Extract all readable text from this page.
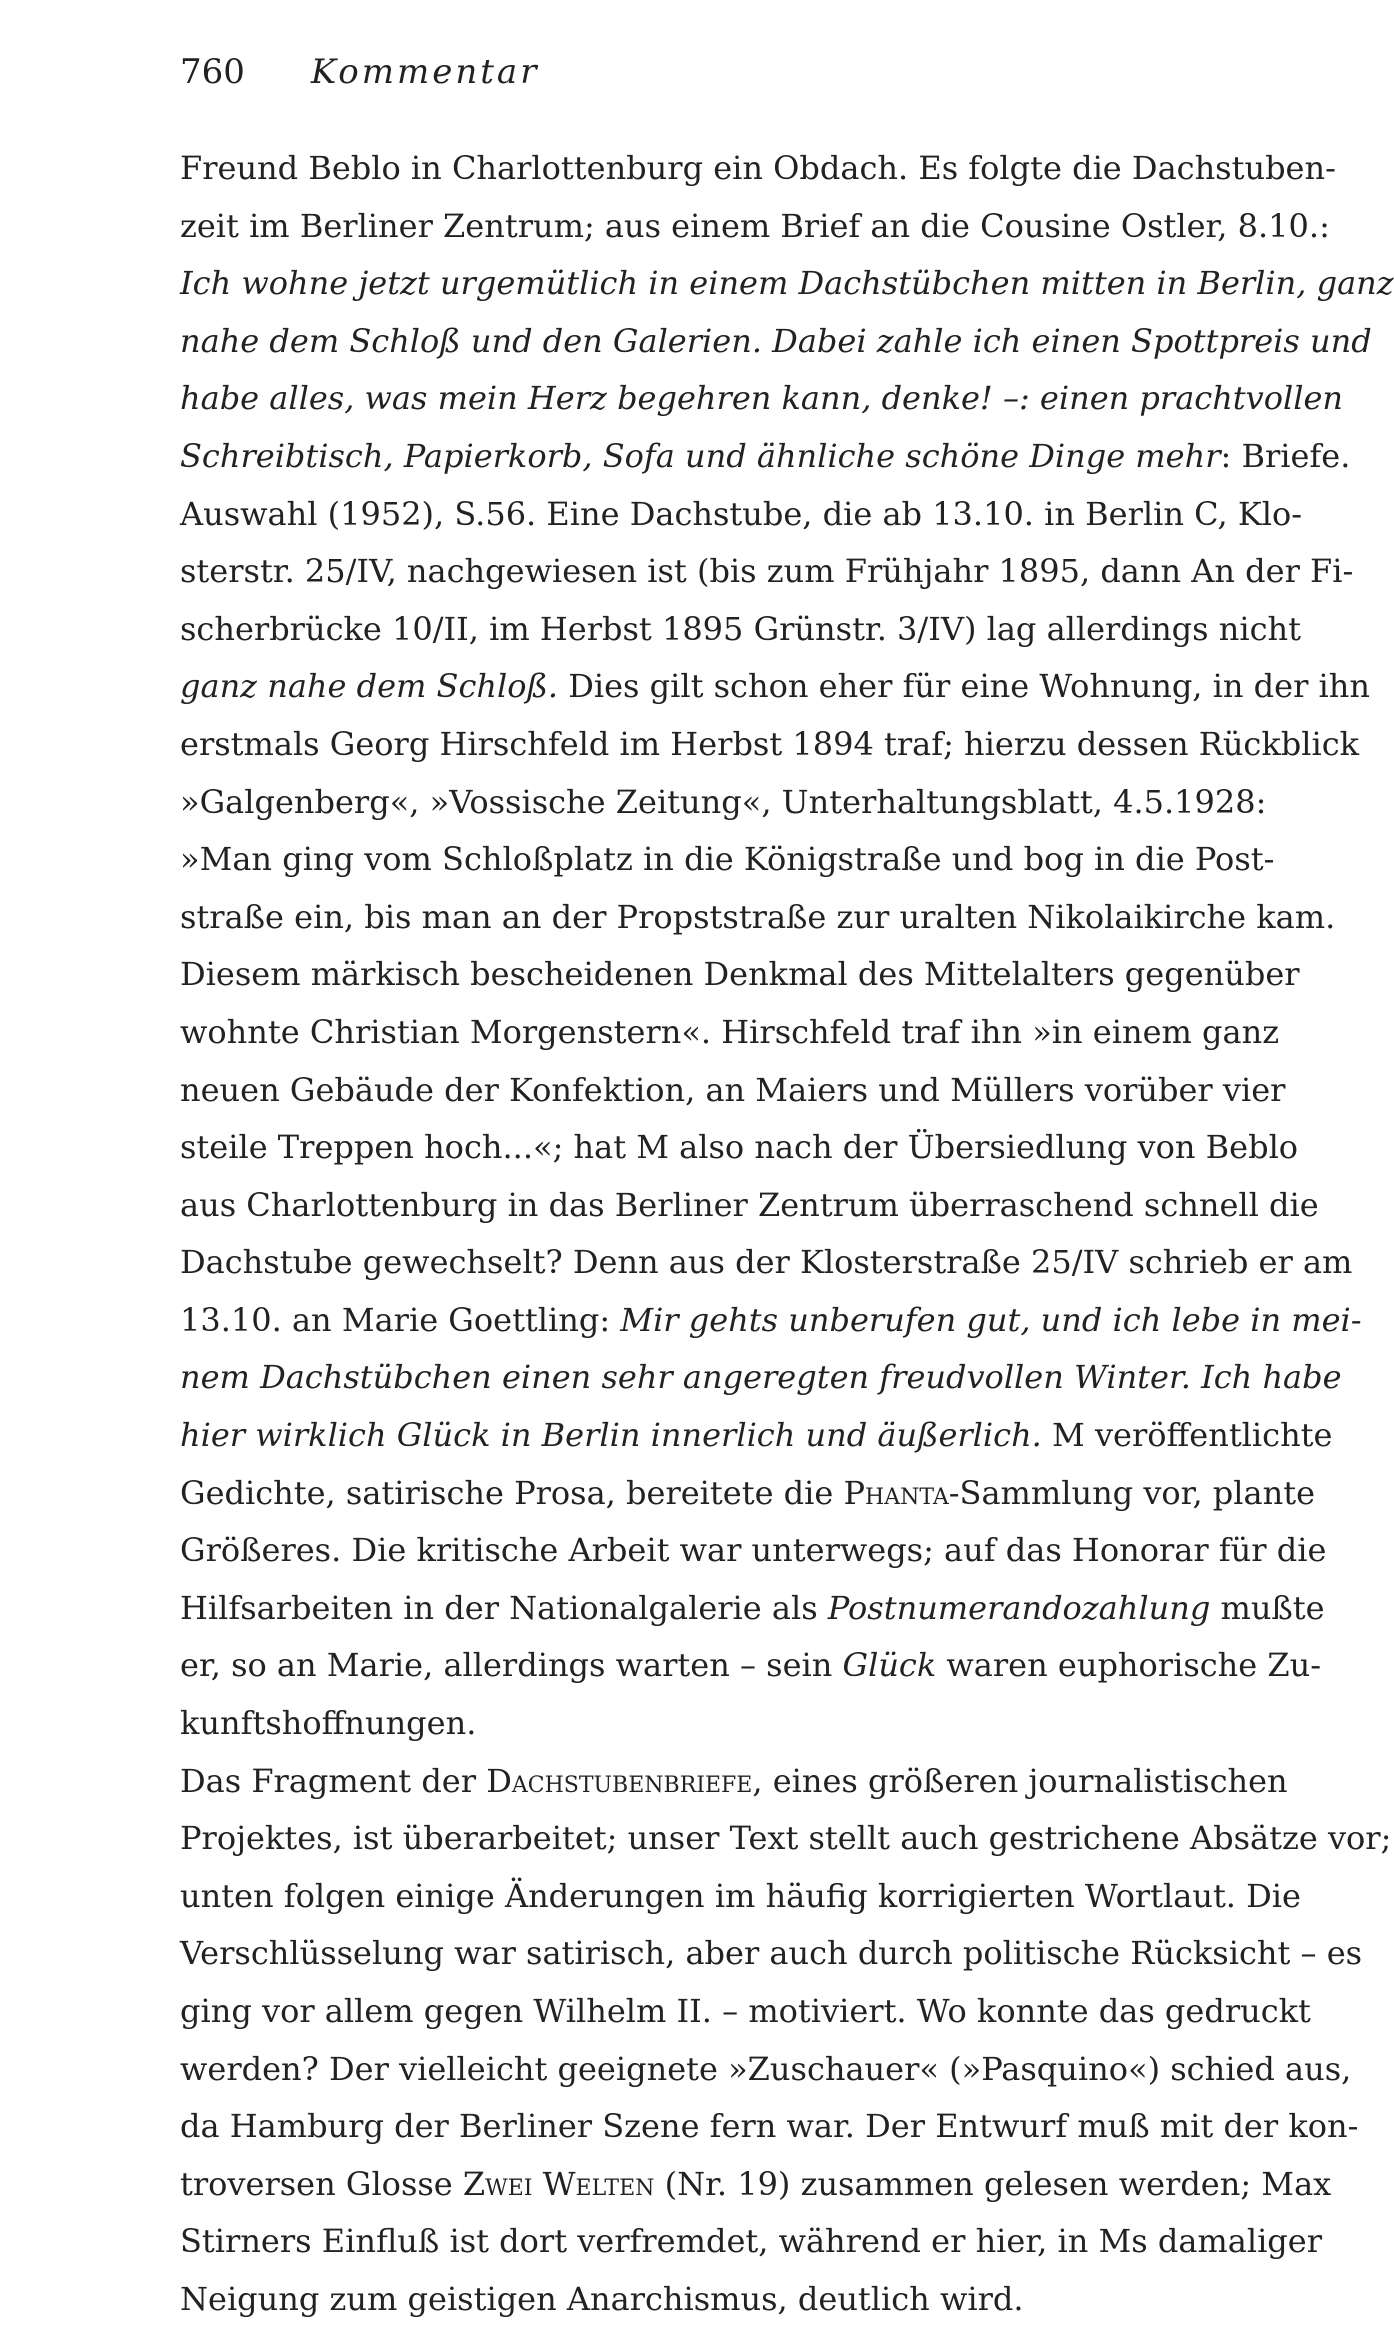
760 Kommentar
Freund Beblo in Charlottenburg ein Obdach. Es folgte die Dachstuben-
zeit im Berliner Zentrum; aus einem Brief an die Cousine Ostler, 8.10.:
Ich wohne jetzt urgemütlich in einem Dachstübchen mitten in Berlin, ganz
nahe dem Schloß und den Galerien. Dabei zahle ich einen Spottpreis und
habe alles, was mein Herz begehren kann, denke! –: einen prachtvollen
Schreibtisch, Papierkorb, Sofa und ähnliche schöne Dinge mehr: Briefe.
Auswahl (1952), S.56. Eine Dachstube, die ab 13.10. in Berlin C, Klo-
sterstr. 25/IV, nachgewiesen ist (bis zum Frühjahr 1895, dann An der Fi-
scherbrücke 10/II, im Herbst 1895 Grünstr. 3/IV) lag allerdings nicht
ganz nahe dem Schloß. Dies gilt schon eher für eine Wohnung, in der ihn
erstmals Georg Hirschfeld im Herbst 1894 traf; hierzu dessen Rückblick
»Galgenberg«, »Vossische Zeitung«, Unterhaltungsblatt, 4.5.1928:
»Man ging vom Schloßplatz in die Königstraße und bog in die Post-
straße ein, bis man an der Propststraße zur uralten Nikolaikirche kam.
Diesem märkisch bescheidenen Denkmal des Mittelalters gegenüber
wohnte Christian Morgenstern«. Hirschfeld traf ihn »in einem ganz
neuen Gebäude der Konfektion, an Maiers und Müllers vorüber vier
steile Treppen hoch...«; hat M also nach der Übersiedlung von Beblo
aus Charlottenburg in das Berliner Zentrum überraschend schnell die
Dachstube gewechselt? Denn aus der Klosterstraße 25/IV schrieb er am
13.10. an Marie Goettling: Mir gehts unberufen gut, und ich lebe in mei-
nem Dachstübchen einen sehr angeregten freudvollen Winter. Ich habe
hier wirklich Glück in Berlin innerlich und äußerlich. M veröffentlichte
Gedichte, satirische Prosa, bereitete die Phanta-Sammlung vor, plante
Größeres. Die kritische Arbeit war unterwegs; auf das Honorar für die
Hilfsarbeiten in der Nationalgalerie als Postnumerandozahlung mußte
er, so an Marie, allerdings warten – sein Glück waren euphorische Zu-
kunftshoffnungen.
Das Fragment der Dachstubenbriefe, eines größeren journalistischen
Projektes, ist überarbeitet; unser Text stellt auch gestrichene Absätze vor;
unten folgen einige Änderungen im häufig korrigierten Wortlaut. Die
Verschlüsselung war satirisch, aber auch durch politische Rücksicht – es
ging vor allem gegen Wilhelm II. – motiviert. Wo konnte das gedruckt
werden? Der vielleicht geeignete »Zuschauer« (»Pasquino«) schied aus,
da Hamburg der Berliner Szene fern war. Der Entwurf muß mit der kon-
troversen Glosse Zwei Welten (Nr. 19) zusammen gelesen werden; Max
Stirners Einfluß ist dort verfremdet, während er hier, in Ms damaliger
Neigung zum geistigen Anarchismus, deutlich wird.
